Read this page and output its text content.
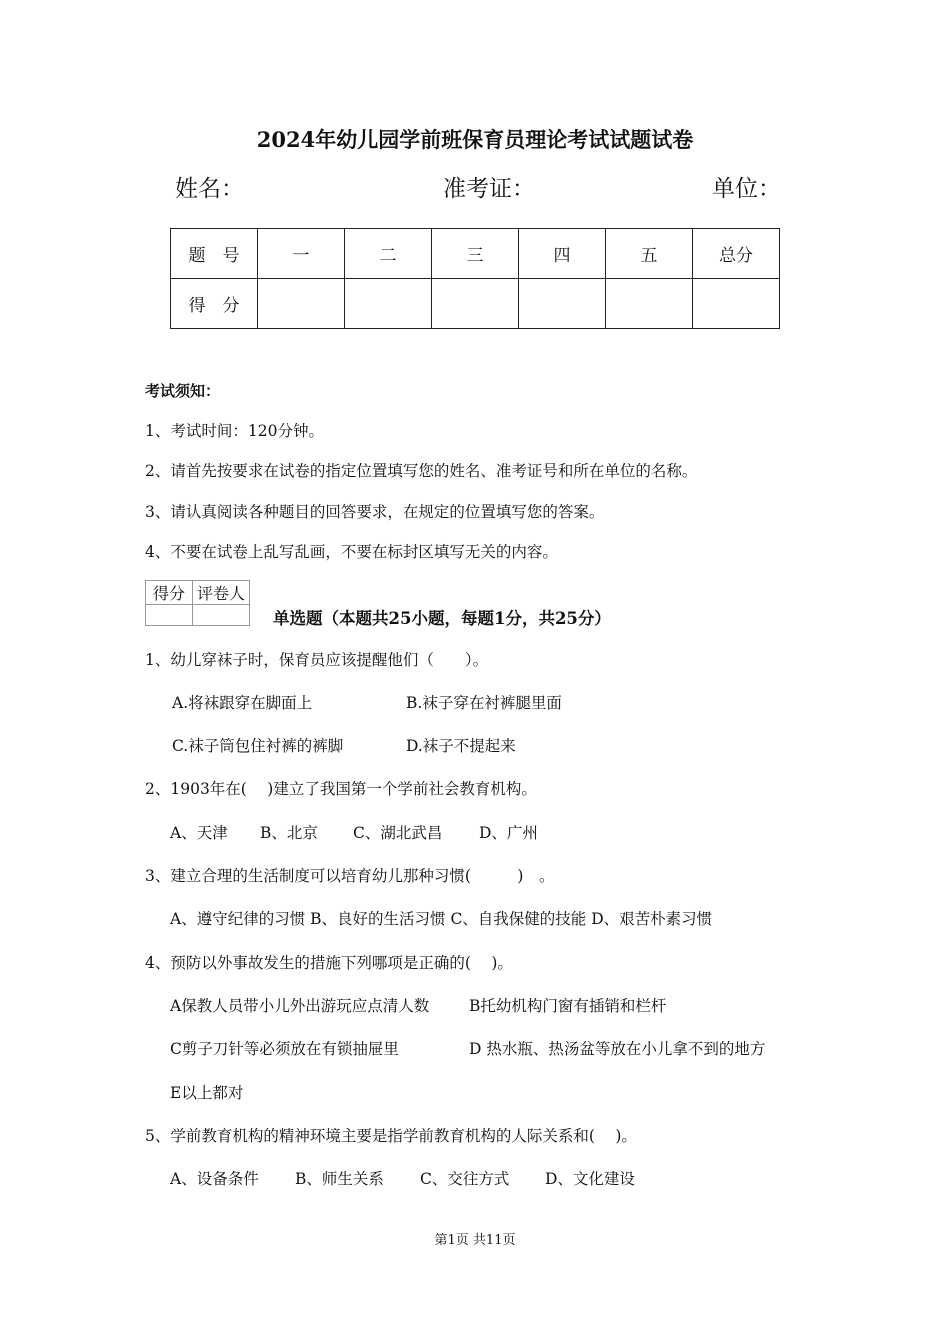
2024年幼儿园学前班保育员理论考试试题试卷
姓名：	准考证：	单位：
题　号	一	二	三	四	五	总分
得　分						
考试须知：
1、考试时间：120分钟。
2、请首先按要求在试卷的指定位置填写您的姓名、准考证号和所在单位的名称。
3、请认真阅读各种题目的回答要求，在规定的位置填写您的答案。
4、不要在试卷上乱写乱画，不要在标封区填写无关的内容。
得分	评卷人

单选题（本题共25小题，每题1分，共25分）
1、幼儿穿袜子时，保育员应该提醒他们（　　）。
A.将袜跟穿在脚面上	B.袜子穿在衬裤腿里面
C.袜子筒包住衬裤的裤脚	D.袜子不提起来
2、1903年在(　 )建立了我国第一个学前社会教育机构。
A、天津 B、北京 C、湖北武昌 D、广州
3、建立合理的生活制度可以培育幼儿那种习惯(　　　)　。
A、遵守纪律的习惯 B、良好的生活习惯 C、自我保健的技能 D、艰苦朴素习惯
4、预防以外事故发生的措施下列哪项是正确的(　 )。
A保教人员带小儿外出游玩应点清人数	B托幼机构门窗有插销和栏杆
C剪子刀针等必须放在有锁抽屉里	D 热水瓶、热汤盆等放在小儿拿不到的地方
E以上都对
5、学前教育机构的精神环境主要是指学前教育机构的人际关系和(　 )。
A、设备条件 B、师生关系 C、交往方式 D、文化建设
第1页 共11页
